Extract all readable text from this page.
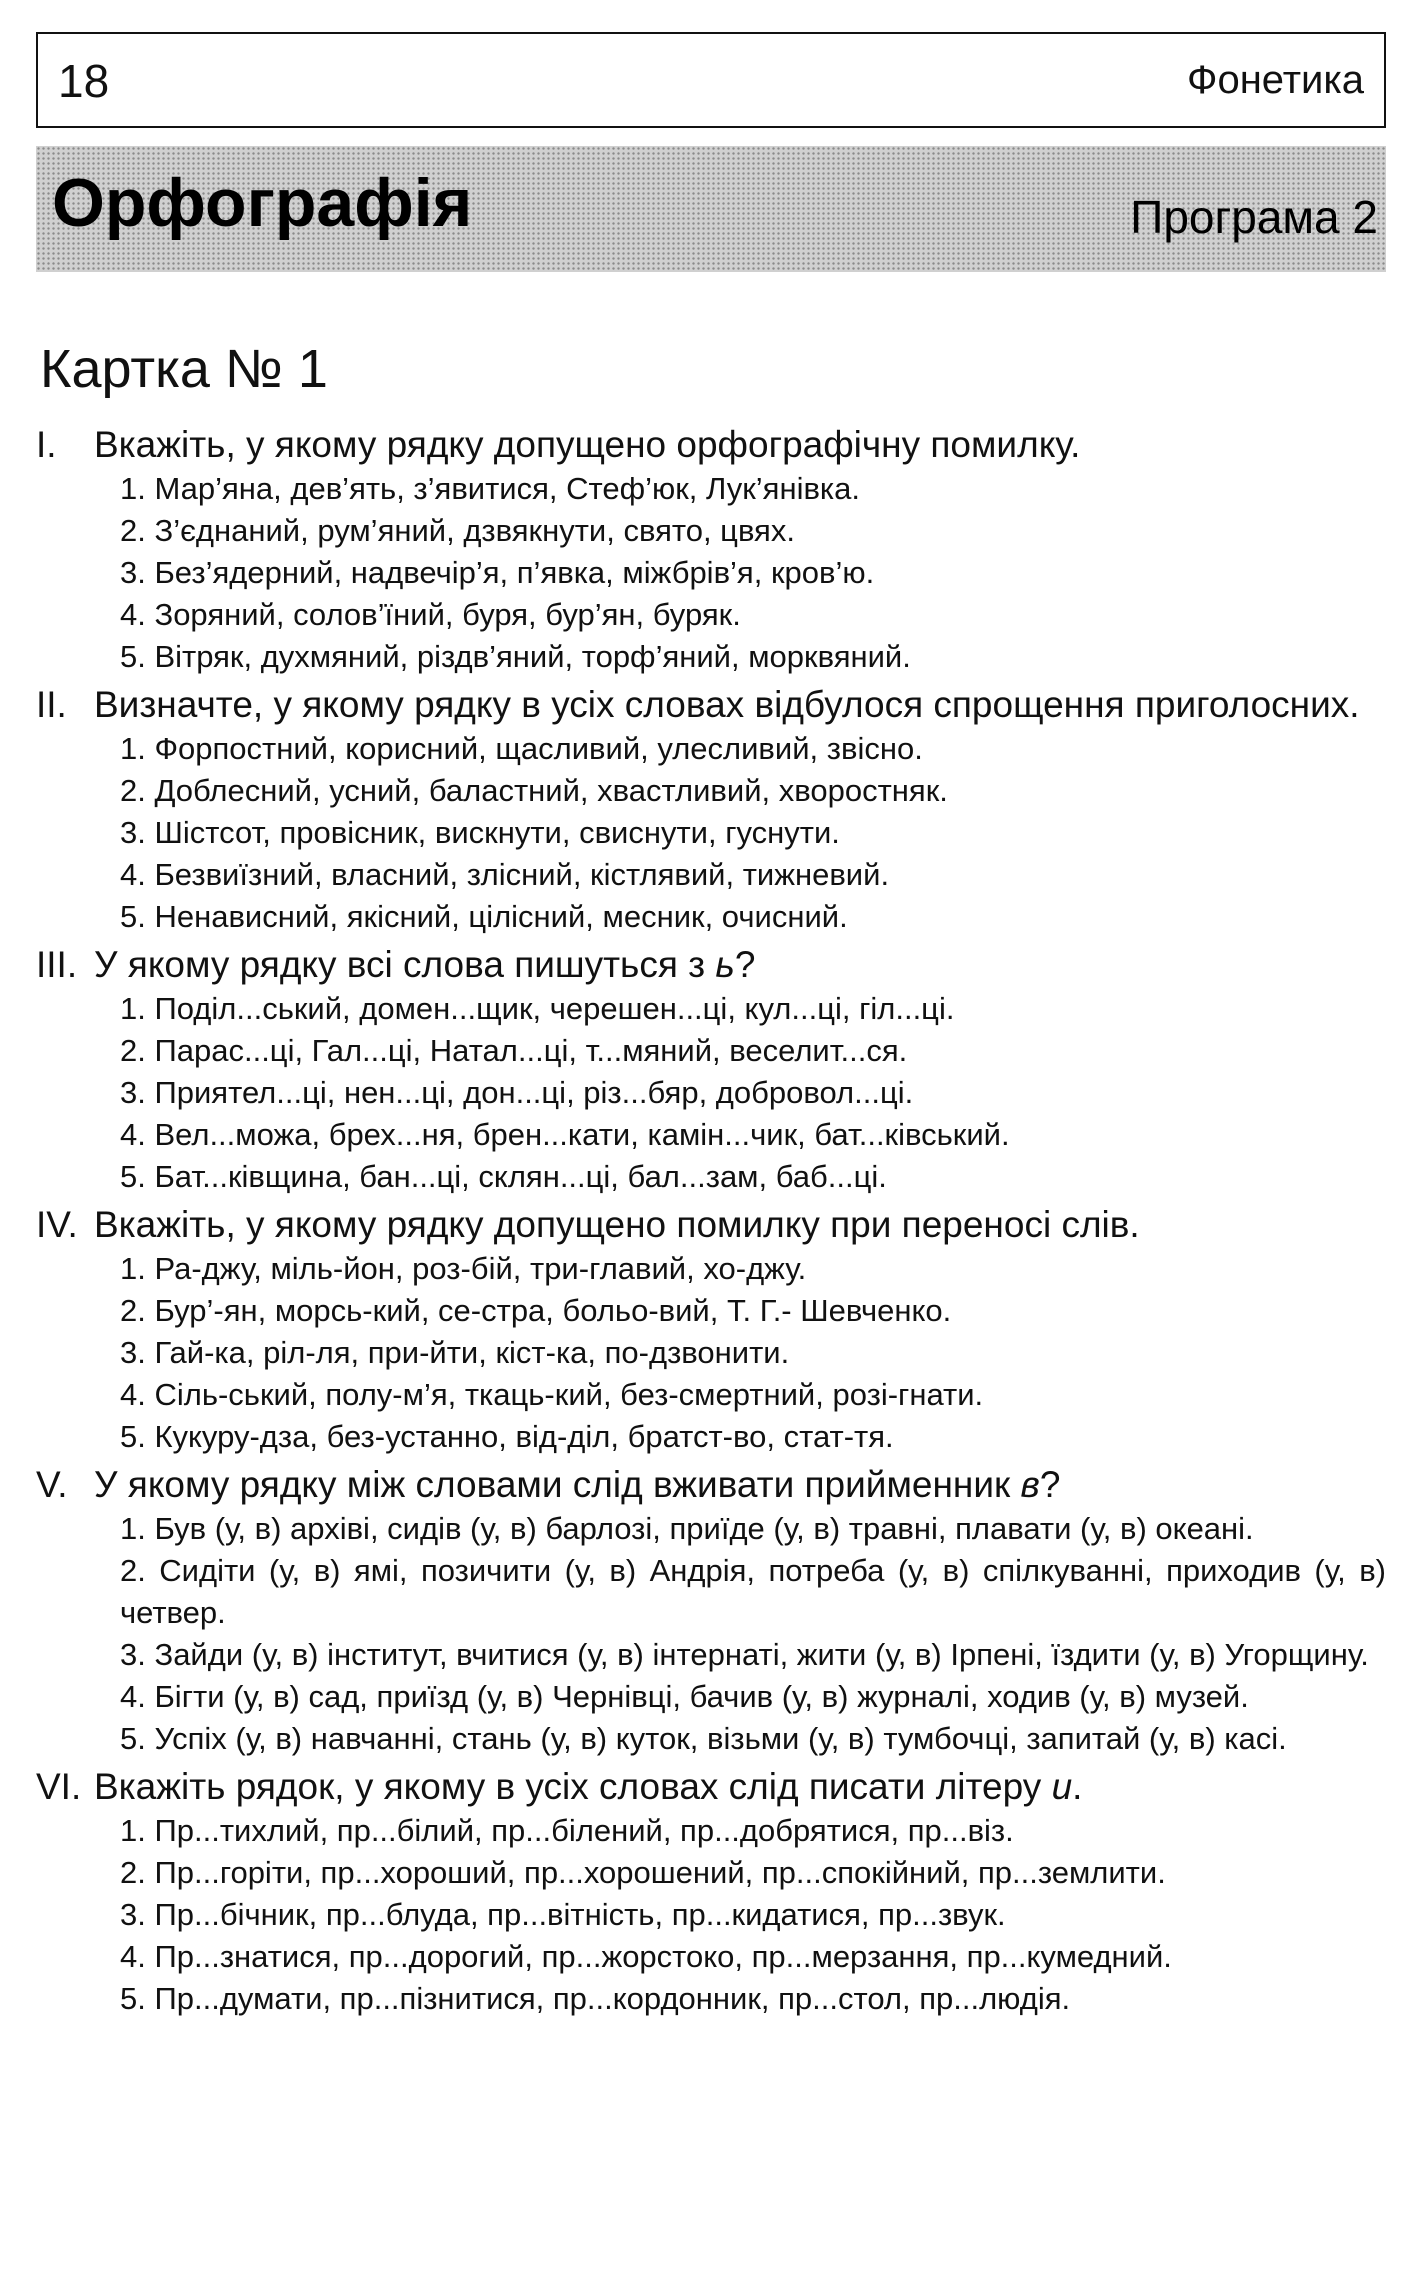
18	Фонетика
Орфографія	Програма 2
Картка № 1
I.	Вкажіть, у якому рядку допущено орфографічну помилку.
1. Мар’яна, дев’ять, з’явитися, Стеф’юк, Лук’янівка.
2. З’єднаний, рум’яний, дзвякнути, свято, цвях.
3. Без’ядерний, надвечір’я, п’явка, міжбрів’я, кров’ю.
4. Зоряний, солов’їний, буря, бур’ян, буряк.
5. Вітряк, духмяний, різдв’яний, торф’яний, морквяний.
II. Визначте, у якому рядку в усіх словах відбулося спрощення приголосних.
1. Форпостний, корисний, щасливий, улесливий, звісно.
2. Доблесний, усний, баластний, хвастливий, хворостняк.
3. Шістсот, провісник, вискнути, свиснути, гуснути.
4. Безвиїзний, власний, злісний, кістлявий, тижневий.
5. Ненависний, якісний, цілісний, месник, очисний.
III. У якому рядку всі слова пишуться з ь?
1. Поділ...ський, домен...щик, черешен...ці, кул...ці, гіл...ці.
2. Парас...ці, Гал...ці, Натал...ці, т...мяний, веселит...ся.
3. Приятел...ці, нен...ці, дон...ці, різ...бяр, добровол...ці.
4. Вел...можа, брех...ня, брен...кати, камін...чик, бат...ківський.
5. Бат...ківщина, бан...ці, склян...ці, бал...зам, баб...ці.
IV. Вкажіть, у якому рядку допущено помилку при переносі слів.
1. Ра-джу, міль-йон, роз-бій, три-главий, хо-джу.
2. Бур’-ян, морсь-кий, се-стра, больо-вий, Т. Г.- Шевченко.
3. Гай-ка, ріл-ля, при-йти, кіст-ка, по-дзвонити.
4. Сіль-ський, полу-м’я, ткаць-кий, без-смертний, розі-гнати.
5. Кукуру-дза, без-устанно, від-діл, братст-во, стат-тя.
V. У якому рядку між словами слід вживати прийменник в?
1. Був (у, в) архіві, сидів (у, в) барлозі, приїде (у, в) травні, плавати (у, в) океані.
2. Сидіти (у, в) ямі, позичити (у, в) Андрія, потреба (у, в) спілкуванні, приходив (у, в) четвер.
3. Зайди (у, в) інститут, вчитися (у, в) інтернаті, жити (у, в) Ірпені, їздити (у, в) Угорщину.
4. Бігти (у, в) сад, приїзд (у, в) Чернівці, бачив (у, в) журналі, ходив (у, в) музей.
5. Успіх (у, в) навчанні, стань (у, в) куток, візьми (у, в) тумбочці, запитай (у, в) касі.
VI. Вкажіть рядок, у якому в усіх словах слід писати літеру и.
1. Пр...тихлий, пр...білий, пр...білений, пр...добрятися, пр...віз.
2. Пр...горіти, пр...хороший, пр...хорошений, пр...спокійний, пр...землити.
3. Пр...бічник, пр...блуда, пр...вітність, пр...кидатися, пр...звук.
4. Пр...знатися, пр...дорогий, пр...жорстоко, пр...мерзання, пр...кумедний.
5. Пр...думати, пр...пізнитися, пр...кордонник, пр...стол, пр...людія.
